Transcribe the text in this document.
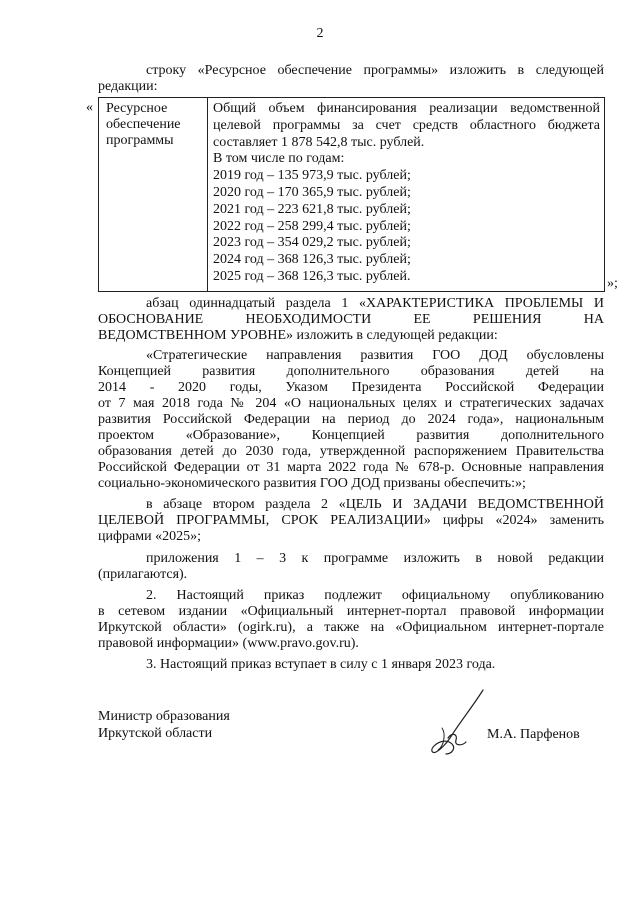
2
строку «Ресурсное обеспечение программы» изложить в следующей
редакции:
«
»;
Ресурсное
обеспечение
программы
Общий объем финансирования реализации ведомственной
целевой программы за счет средств областного бюджета
составляет 1 878 542,8 тыс. рублей.
В том числе по годам:
2019 год – 135 973,9 тыс. рублей;
2020 год – 170 365,9 тыс. рублей;
2021 год – 223 621,8 тыс. рублей;
2022 год – 258 299,4 тыс. рублей;
2023 год – 354 029,2 тыс. рублей;
2024 год – 368 126,3 тыс. рублей;
2025 год – 368 126,3 тыс. рублей.
абзац одиннадцатый раздела 1 «ХАРАКТЕРИСТИКА ПРОБЛЕМЫ И
ОБОСНОВАНИЕ НЕОБХОДИМОСТИ ЕЕ РЕШЕНИЯ НА
ВЕДОМСТВЕННОМ УРОВНЕ» изложить в следующей редакции:
«Стратегические направления развития ГОО ДОД обусловлены
Концепцией развития дополнительного образования детей на
2014 - 2020 годы, Указом Президента Российской Федерации
от 7 мая 2018 года № 204 «О национальных целях и стратегических задачах
развития Российской Федерации на период до 2024 года», национальным
проектом «Образование», Концепцией развития дополнительного
образования детей до 2030 года, утвержденной распоряжением Правительства
Российской Федерации от 31 марта 2022 года № 678-р. Основные направления
социально-экономического развития ГОО ДОД призваны обеспечить:»;
в абзаце втором раздела 2 «ЦЕЛЬ И ЗАДАЧИ ВЕДОМСТВЕННОЙ
ЦЕЛЕВОЙ ПРОГРАММЫ, СРОК РЕАЛИЗАЦИИ» цифры «2024» заменить
цифрами «2025»;
приложения 1 – 3 к программе изложить в новой редакции
(прилагаются).
2. Настоящий приказ подлежит официальному опубликованию
в сетевом издании «Официальный интернет-портал правовой информации
Иркутской области» (ogirk.ru), а также на «Официальном интернет-портале
правовой информации» (www.pravo.gov.ru).
3. Настоящий приказ вступает в силу с 1 января 2023 года.
Министр образования
Иркутской области	М.А. Парфенов
